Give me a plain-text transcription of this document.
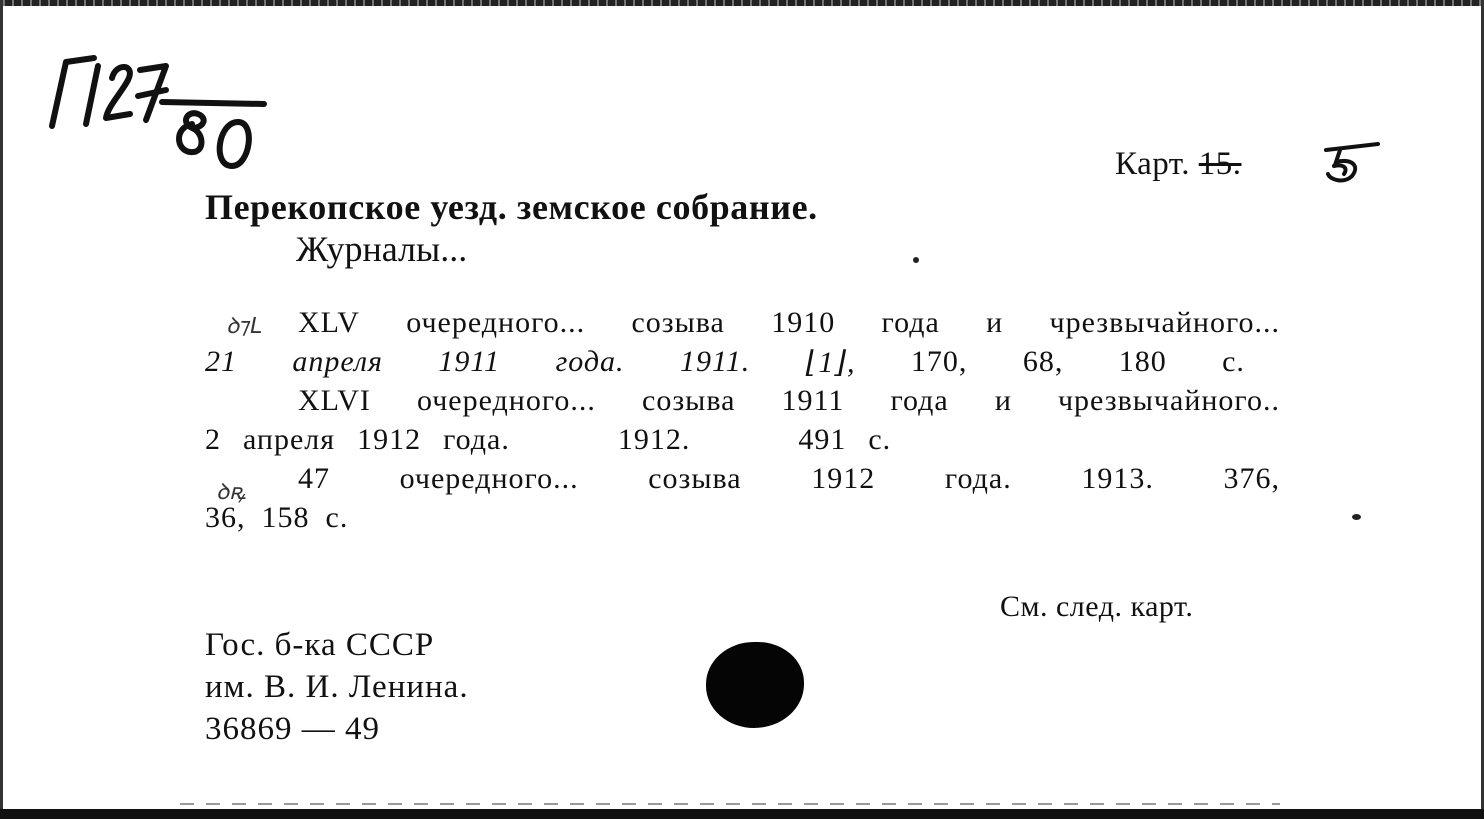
Карт. 15.
Перекопское уезд. земское собрание.
Журналы...
ꝺ⁊ᒪ XLV очередного... созыва 1910 года и чрезвычайного...
21 апреля 1911 года. 1911. ⌊1⌋, 170, 68, 180 с.
XLVI очередного... созыва 1911 года и чрезвычайного..
2 апреля 1912 года.	1912.	491 с.
ꝺꝶ 47 очередного... созыва 1912 года. 1913. 376,
36, 158 с.
См. след. карт.
Гос. б-ка СССР
им. В. И. Ленина.
36869 — 49
